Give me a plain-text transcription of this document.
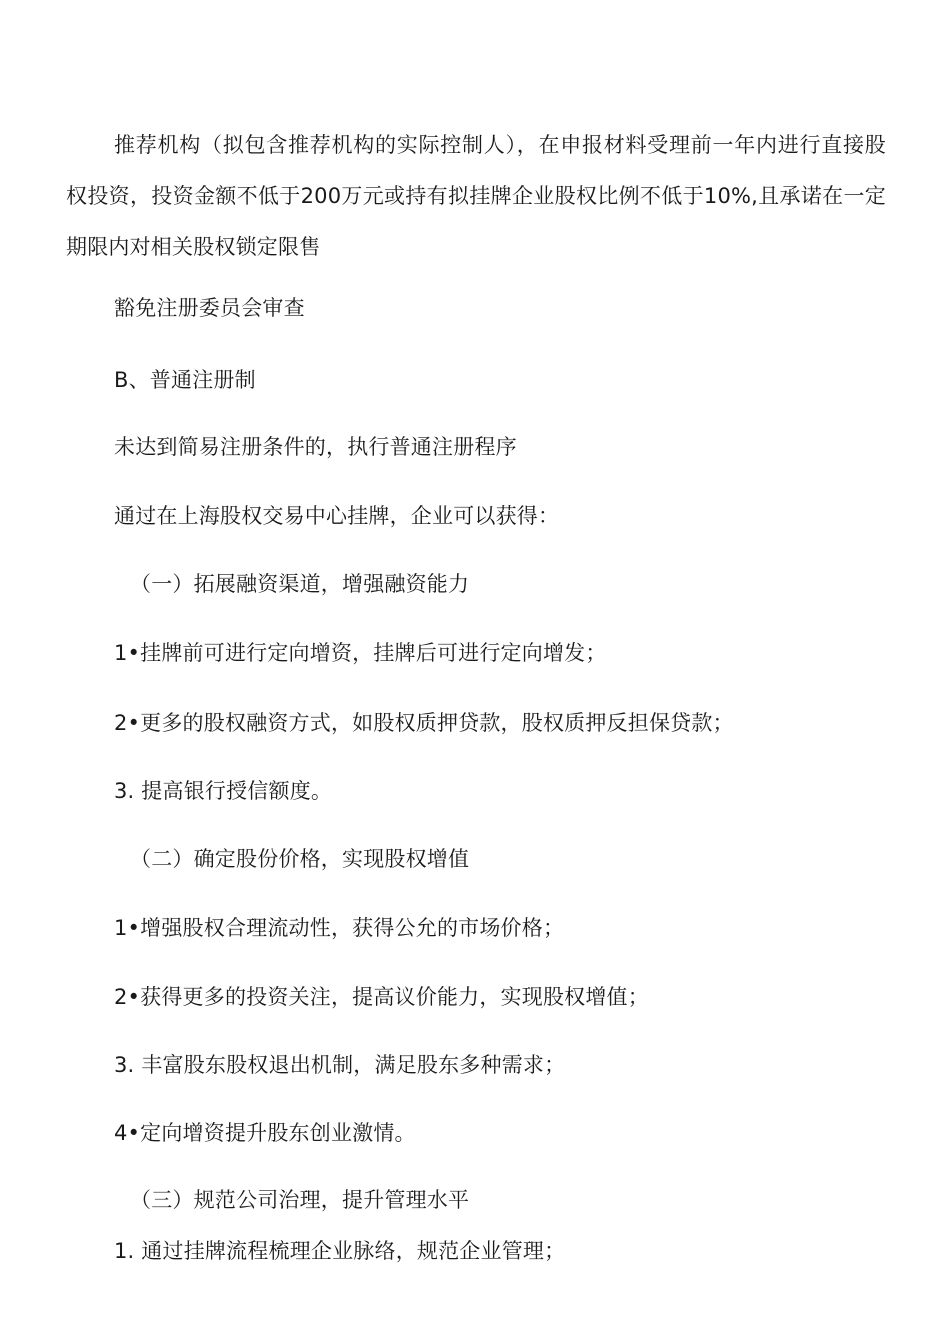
推荐机构（拟包含推荐机构的实际控制人），在申报材料受理前一年内进行直接股权投资，投资金额不低于200万元或持有拟挂牌企业股权比例不低于10%,且承诺在一定期限内对相关股权锁定限售

豁免注册委员会审查
B、普通注册制
未达到简易注册条件的，执行普通注册程序
通过在上海股权交易中心挂牌，企业可以获得：
（一）拓展融资渠道，增强融资能力
1•挂牌前可进行定向增资，挂牌后可进行定向增发；
2•更多的股权融资方式，如股权质押贷款，股权质押反担保贷款；
3. 提高银行授信额度。
（二）确定股份价格，实现股权增值
1•增强股权合理流动性，获得公允的市场价格；
2•获得更多的投资关注，提高议价能力，实现股权增值；
3. 丰富股东股权退出机制，满足股东多种需求；
4•定向增资提升股东创业激情。
（三）规范公司治理，提升管理水平
1. 通过挂牌流程梳理企业脉络，规范企业管理；
